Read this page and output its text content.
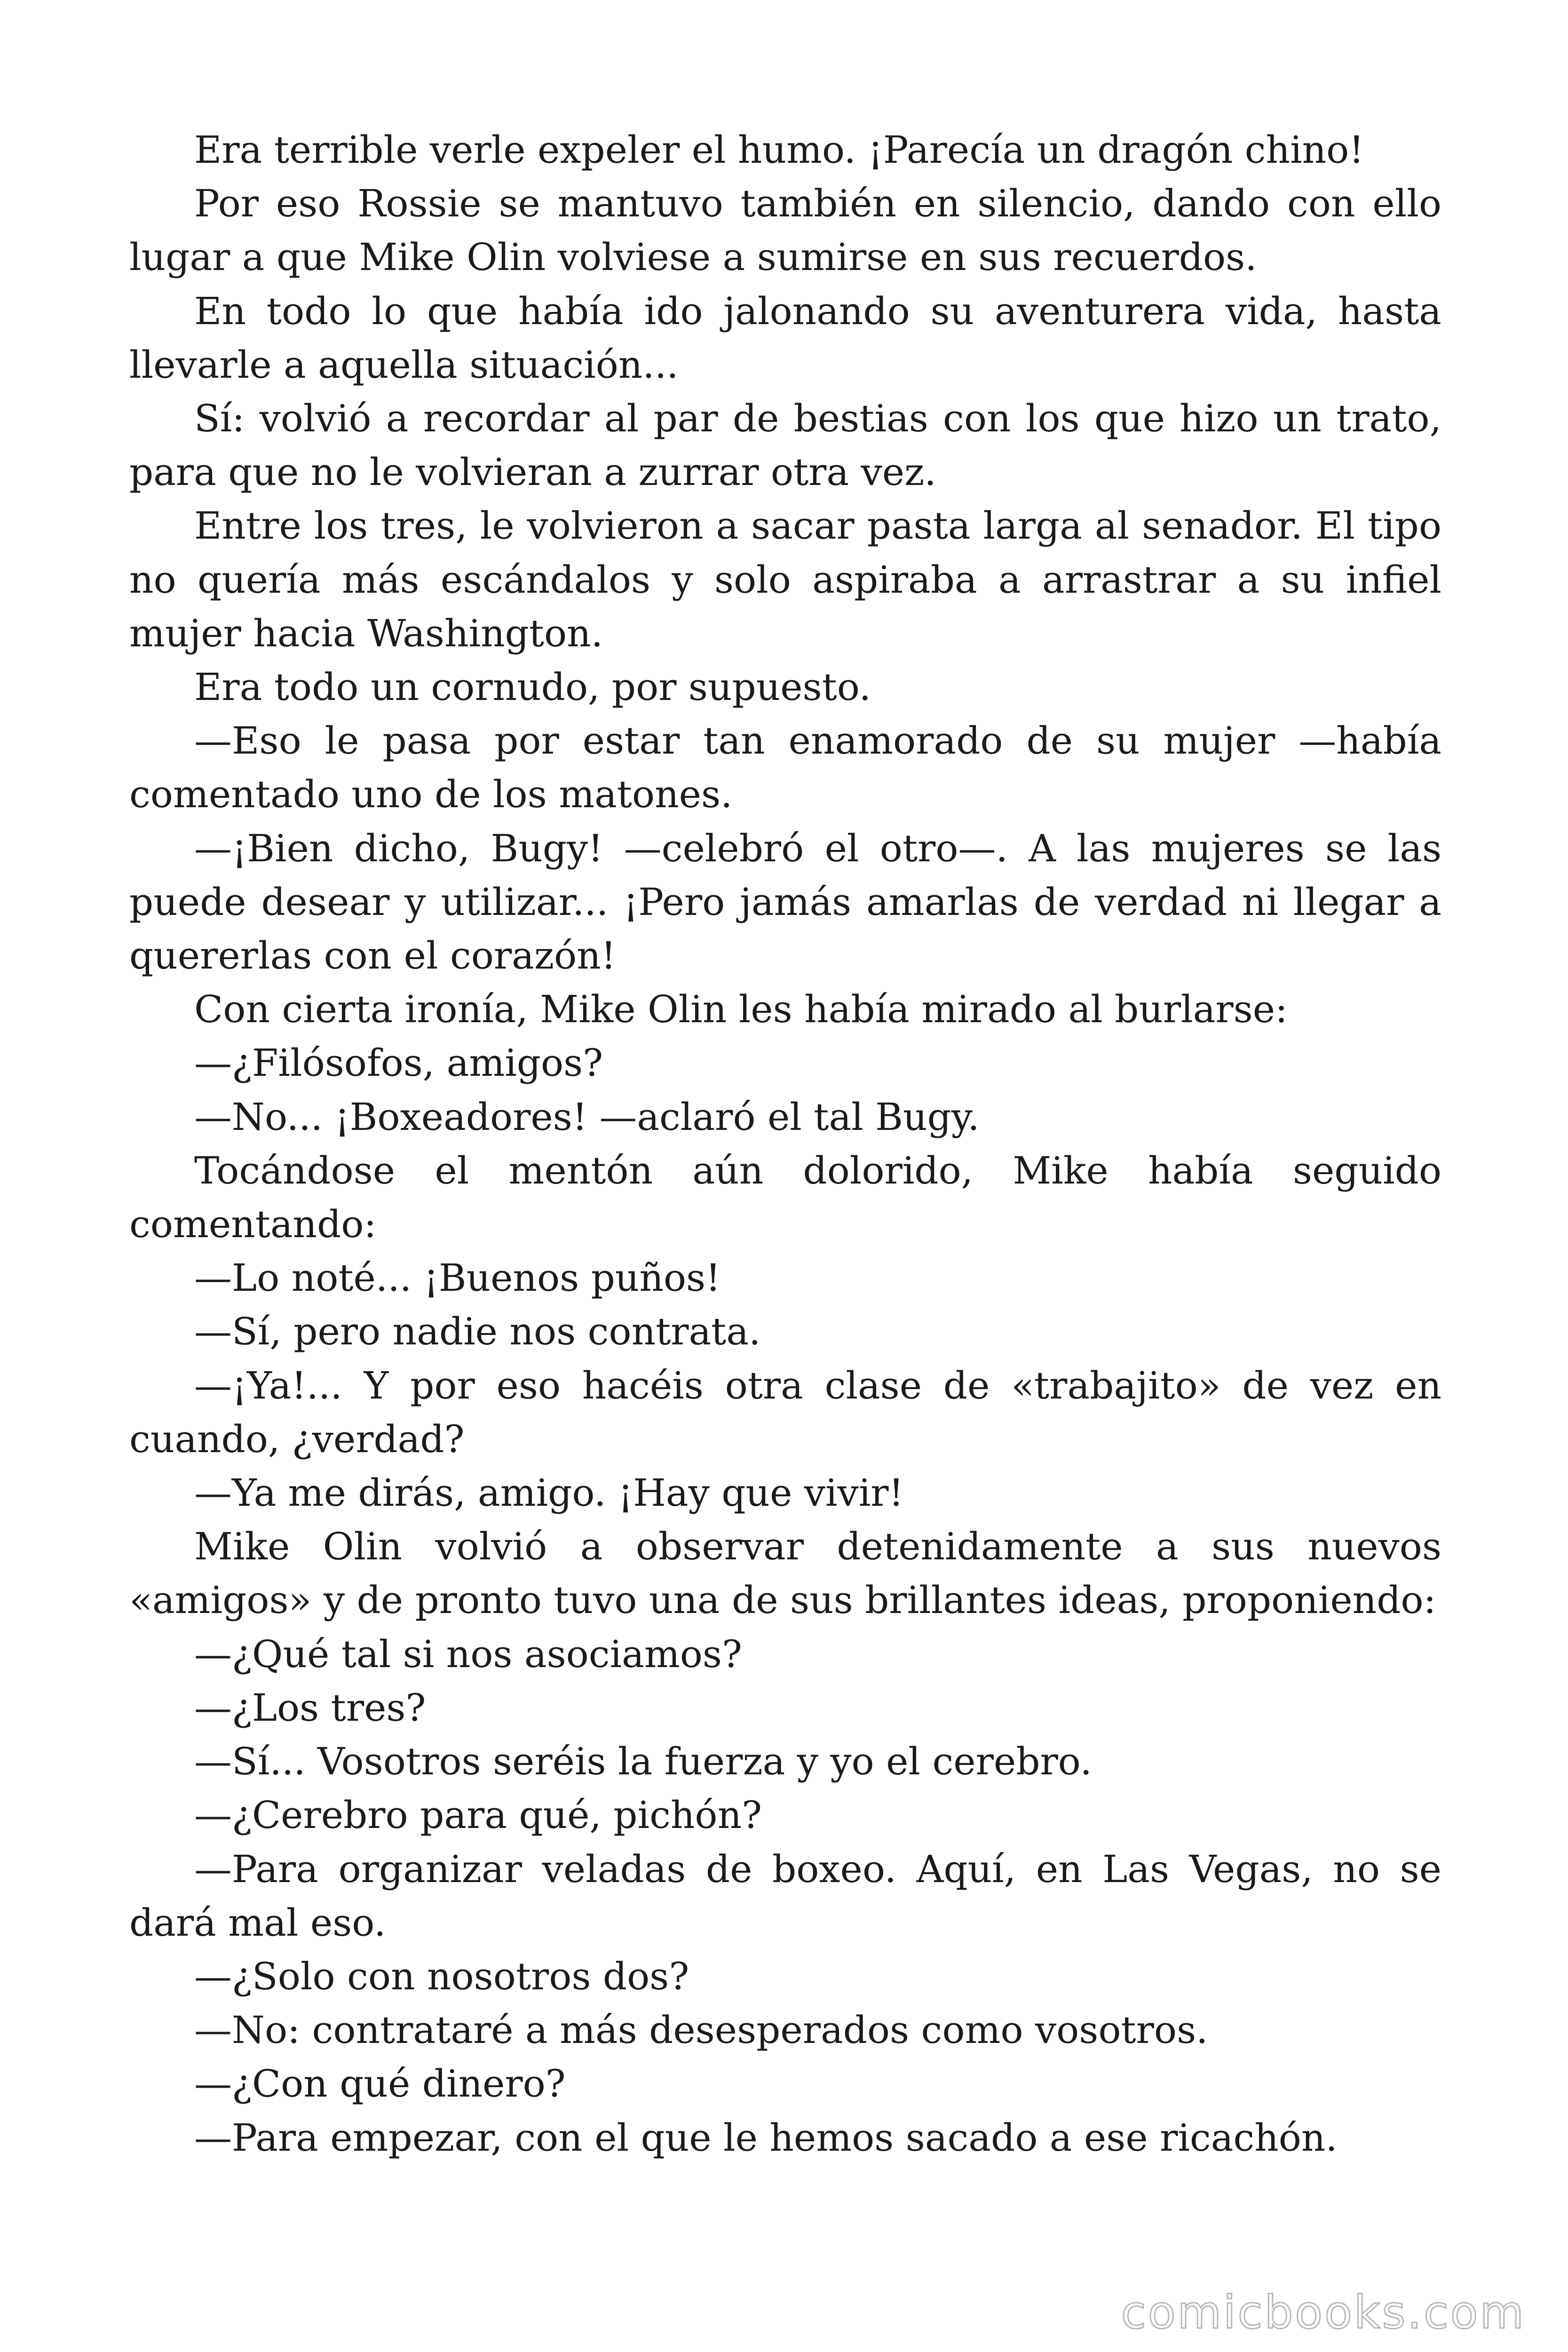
Era terrible verle expeler el humo. ¡Parecía un dragón chino!

Por eso Rossie se mantuvo también en silencio, dando con ello lugar a que Mike Olin volviese a sumirse en sus recuerdos.

En todo lo que había ido jalonando su aventurera vida, hasta llevarle a aquella situación...

Sí: volvió a recordar al par de bestias con los que hizo un trato, para que no le volvieran a zurrar otra vez.

Entre los tres, le volvieron a sacar pasta larga al senador. El tipo no quería más escándalos y solo aspiraba a arrastrar a su infiel mujer hacia Washington.

Era todo un cornudo, por supuesto.

—Eso le pasa por estar tan enamorado de su mujer —había comentado uno de los matones.

—¡Bien dicho, Bugy! —celebró el otro—. A las mujeres se las puede desear y utilizar... ¡Pero jamás amarlas de verdad ni llegar a quererlas con el corazón!

Con cierta ironía, Mike Olin les había mirado al burlarse:

—¿Filósofos, amigos?

—No... ¡Boxeadores! —aclaró el tal Bugy.

Tocándose el mentón aún dolorido, Mike había seguido comentando:

—Lo noté... ¡Buenos puños!

—Sí, pero nadie nos contrata.

—¡Ya!... Y por eso hacéis otra clase de «trabajito» de vez en cuando, ¿verdad?

—Ya me dirás, amigo. ¡Hay que vivir!

Mike Olin volvió a observar detenidamente a sus nuevos «amigos» y de pronto tuvo una de sus brillantes ideas, proponiendo:

—¿Qué tal si nos asociamos?

—¿Los tres?

—Sí... Vosotros seréis la fuerza y yo el cerebro.

—¿Cerebro para qué, pichón?

—Para organizar veladas de boxeo. Aquí, en Las Vegas, no se dará mal eso.

—¿Solo con nosotros dos?

—No: contrataré a más desesperados como vosotros.

—¿Con qué dinero?

—Para empezar, con el que le hemos sacado a ese ricachón.

comicbooks.com
